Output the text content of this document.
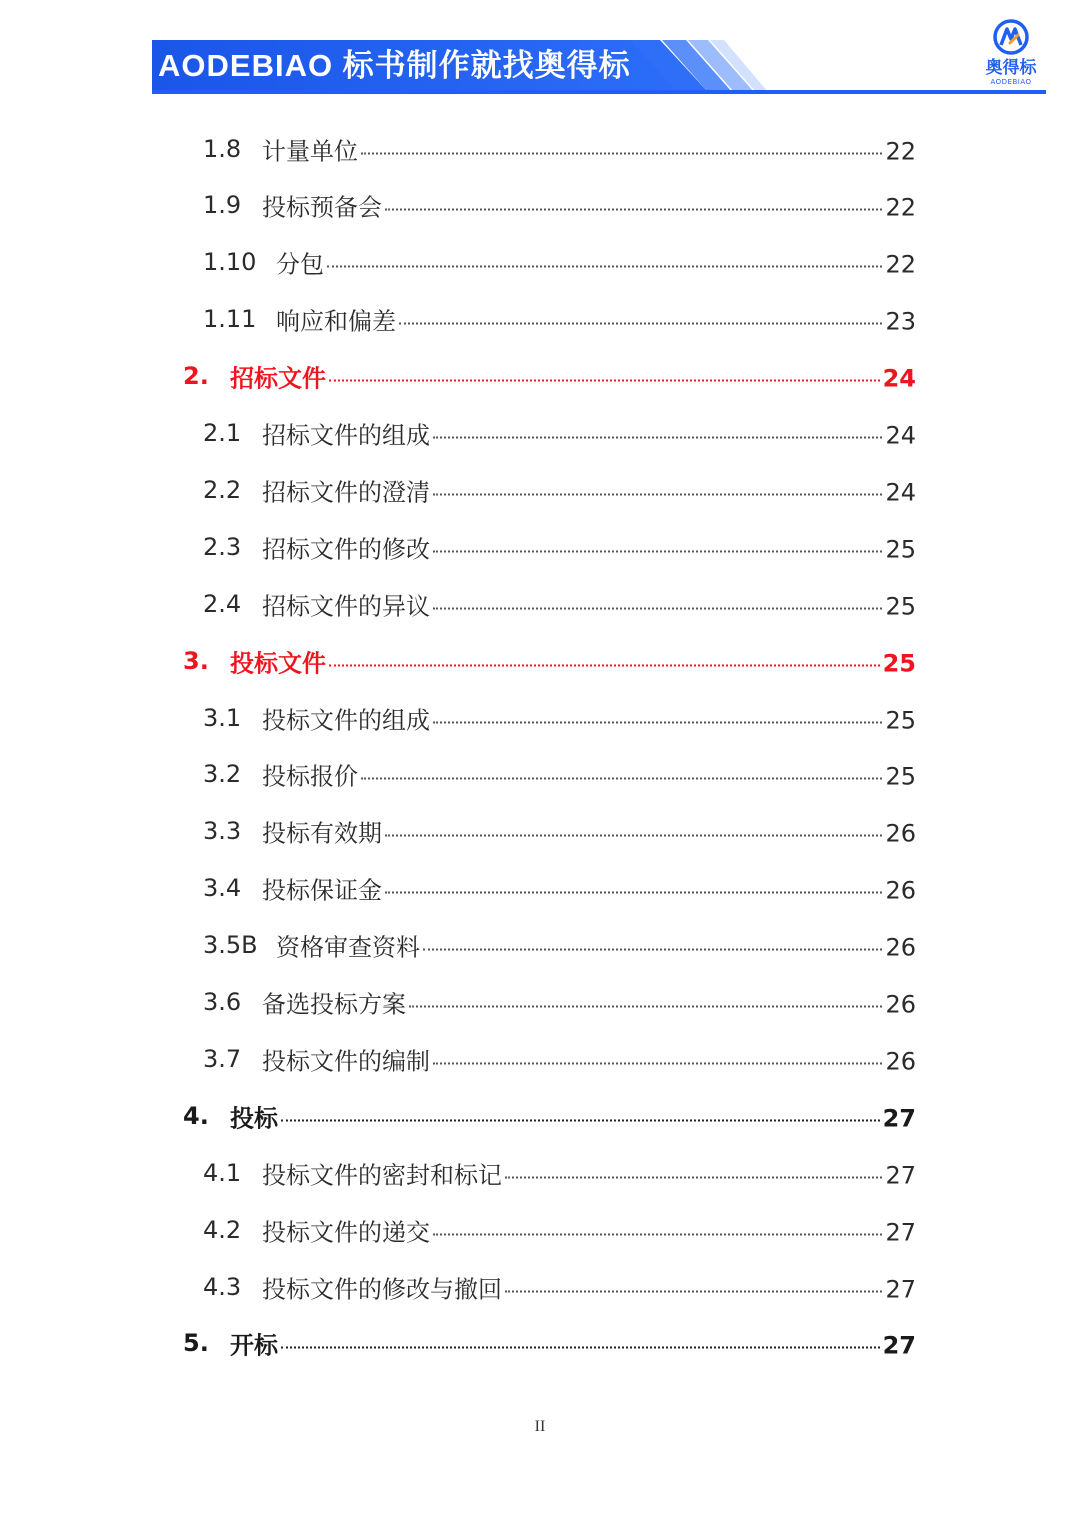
AODEBIAO 标书制作就找奥得标	奥得标
AODEBIAO
1.8 计量单位	22
1.9 投标预备会	22
1.10 分包	22
1.11 响应和偏差	23
2. 招标文件	24
2.1 招标文件的组成	24
2.2 招标文件的澄清	24
2.3 招标文件的修改	25
2.4 招标文件的异议	25
3. 投标文件	25
3.1 投标文件的组成	25
3.2 投标报价	25
3.3 投标有效期	26
3.4 投标保证金	26
3.5B 资格审查资料	26
3.6 备选投标方案	26
3.7 投标文件的编制	26
4. 投标	27
4.1 投标文件的密封和标记	27
4.2 投标文件的递交	27
4.3 投标文件的修改与撤回	27
5. 开标	27
II
